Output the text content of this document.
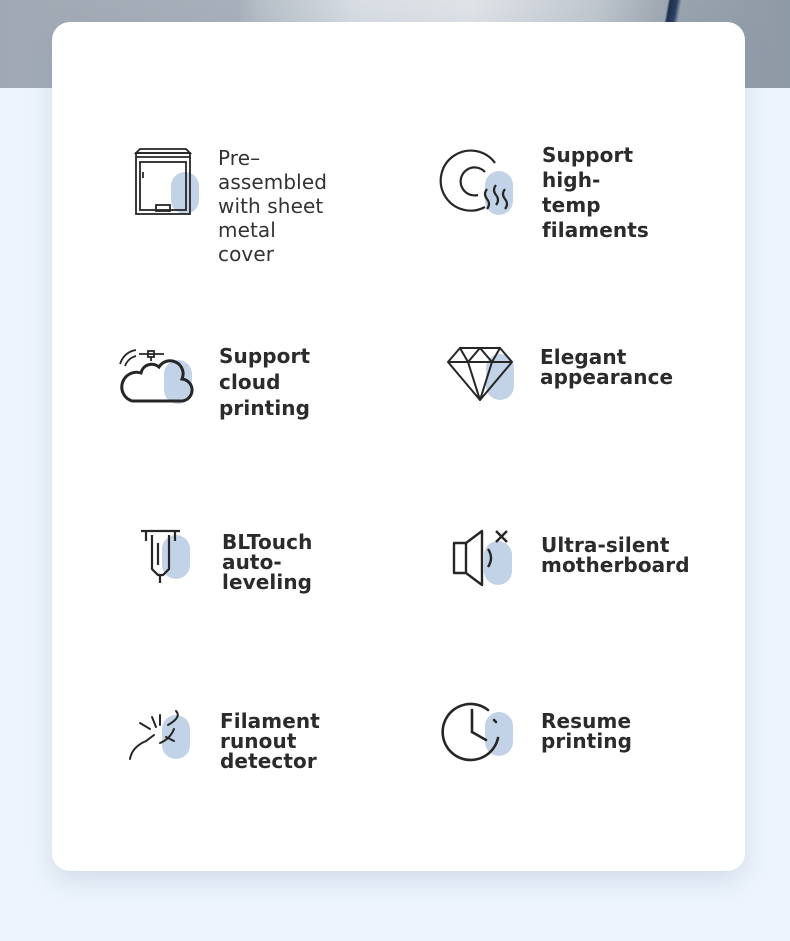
Pre–assembled
with sheet
metal cover
Support
high-temp
filaments
Support cloud
printing
Elegant
appearance
BLTouch
auto-leveling
Ultra-silent
motherboard
Filament
runout detector
Resume
printing
